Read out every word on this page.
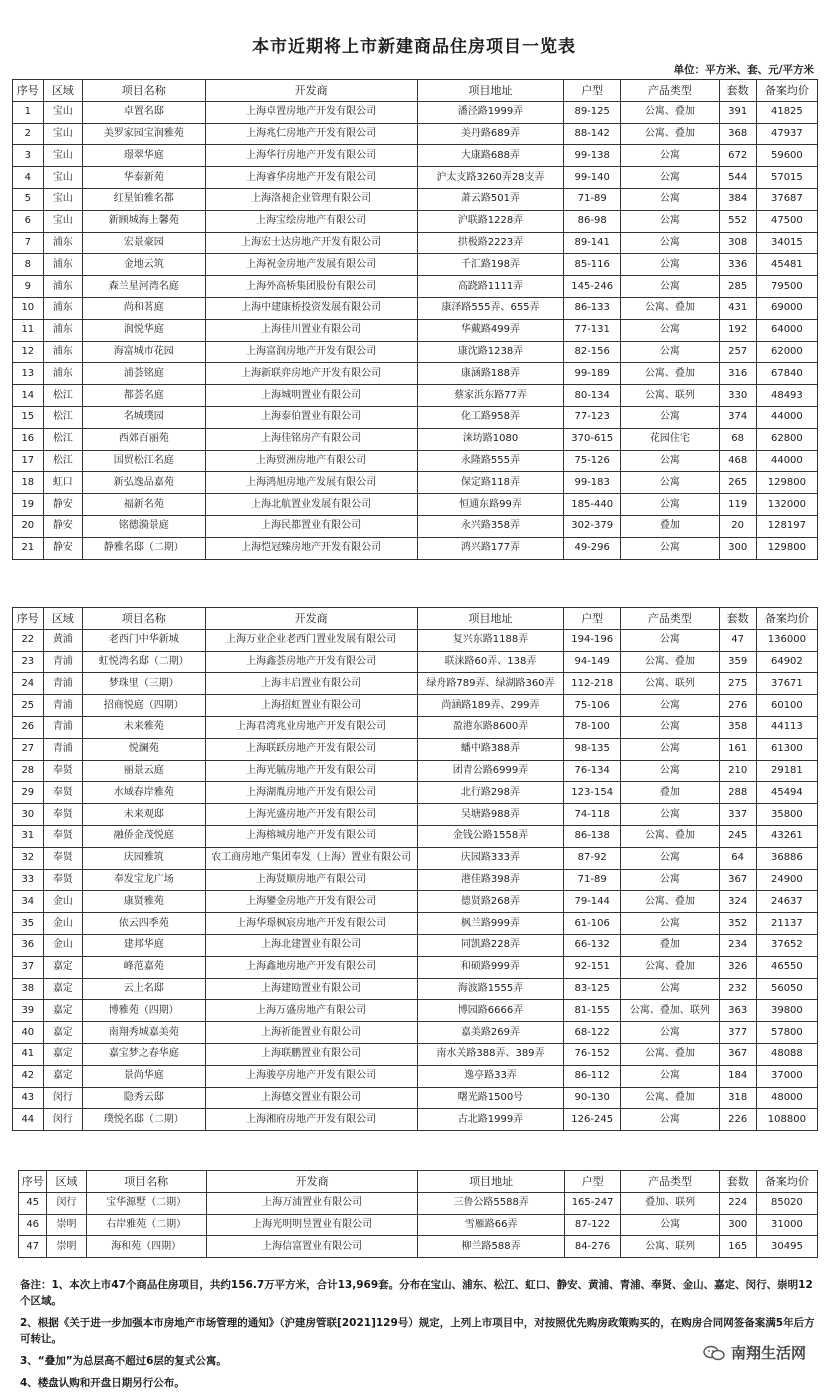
本市近期将上市新建商品住房项目一览表
单位：平方米、套、元/平方米
序号	区域	项目名称	开发商	项目地址	户型	产品类型	套数	备案均价
1	宝山	卓置名邸	上海卓置房地产开发有限公司	潘泾路1999弄	89-125	公寓、叠加	391	41825
2	宝山	美罗家园宝润雅苑	上海兆仁房地产开发有限公司	美丹路689弄	88-142	公寓、叠加	368	47937
3	宝山	璟翠华庭	上海华行房地产开发有限公司	大康路688弄	99-138	公寓	672	59600
4	宝山	华泰新苑	上海睿华房地产开发有限公司	沪太支路3260弄28支弄	99-140	公寓	544	57015
5	宝山	红星铂雅名都	上海洛昶企业管理有限公司	萧云路501弄	71-89	公寓	384	37687
6	宝山	新顾城海上馨苑	上海宝绘房地产有限公司	沪联路1228弄	86-98	公寓	552	47500
7	浦东	宏景豪园	上海宏士达房地产开发有限公司	拱极路2223弄	89-141	公寓	308	34015
8	浦东	金地云筑	上海祝金房地产发展有限公司	千汇路198弄	85-116	公寓	336	45481
9	浦东	森兰星河湾名庭	上海外高桥集团股份有限公司	高跷路1111弄	145-246	公寓	285	79500
10	浦东	尚和茗庭	上海中建康桥投资发展有限公司	康泽路555弄、655弄	86-133	公寓、叠加	431	69000
11	浦东	润悦华庭	上海佳川置业有限公司	华戴路499弄	77-131	公寓	192	64000
12	浦东	海富城市花园	上海富润房地产开发有限公司	康沈路1238弄	82-156	公寓	257	62000
13	浦东	浦荟铭庭	上海新联弈房地产开发有限公司	康涵路188弄	99-189	公寓、叠加	316	67840
14	松江	都荟名庭	上海城明置业有限公司	蔡家浜东路77弄	80-134	公寓、联列	330	48493
15	松江	名城璞园	上海泰伯置业有限公司	化工路958弄	77-123	公寓	374	44000
16	松江	西郊百丽苑	上海佳铭房产有限公司	涞坊路1080	370-615	花园住宅	68	62800
17	松江	国贸松江名庭	上海贸洲房地产有限公司	永隆路555弄	75-126	公寓	468	44000
18	虹口	新弘逸品嘉苑	上海鸿旭房地产发展有限公司	保定路118弄	99-183	公寓	265	129800
19	静安	福新名苑	上海北航置业发展有限公司	恒通东路99弄	185-440	公寓	119	132000
20	静安	铭德漪景庭	上海民都置业有限公司	永兴路358弄	302-379	叠加	20	128197
21	静安	静雅名邸（二期）	上海恺冠臻房地产开发有限公司	鸿兴路177弄	49-296	公寓	300	129800
序号	区域	项目名称	开发商	项目地址	户型	产品类型	套数	备案均价
22	黄浦	老西门中华新城	上海万业企业老西门置业发展有限公司	复兴东路1188弄	194-196	公寓	47	136000
23	青浦	虹悦湾名邸（二期）	上海鑫荟房地产开发有限公司	联涞路60弄、138弄	94-149	公寓、叠加	359	64902
24	青浦	梦珠里（三期）	上海丰启置业有限公司	绿舟路789弄、绿湖路360弄	112-218	公寓、联列	275	37671
25	青浦	招商悦庭（四期）	上海招虹置业有限公司	尚涵路189弄、299弄	75-106	公寓	276	60100
26	青浦	未来雅苑	上海君湾兆业房地产开发有限公司	盈港东路8600弄	78-100	公寓	358	44113
27	青浦	悦澜苑	上海联跃房地产开发有限公司	蟠中路388弄	98-135	公寓	161	61300
28	奉贤	丽景云庭	上海光毓房地产开发有限公司	团青公路6999弄	76-134	公寓	210	29181
29	奉贤	水域春岸雅苑	上海湖胤房地产开发有限公司	北行路298弄	123-154	叠加	288	45494
30	奉贤	未来观邸	上海光盛房地产开发有限公司	吴塘路988弄	74-118	公寓	337	35800
31	奉贤	融侨金茂悦庭	上海榕城房地产开发有限公司	金钱公路1558弄	86-138	公寓、叠加	245	43261
32	奉贤	庆园雅筑	农工商房地产集团奉发（上海）置业有限公司	庆园路333弄	87-92	公寓	64	36886
33	奉贤	奉发宝龙广场	上海贤顺房地产有限公司	港佳路398弄	71-89	公寓	367	24900
34	金山	康贤雅苑	上海鑾金房地产开发有限公司	德贤路268弄	79-144	公寓、叠加	324	24637
35	金山	依云四季苑	上海华璟枫宸房地产开发有限公司	枫兰路999弄	61-106	公寓	352	21137
36	金山	建邦华庭	上海北建置业有限公司	同凯路228弄	66-132	叠加	234	37652
37	嘉定	峰范嘉苑	上海鑫地房地产开发有限公司	和硕路999弄	92-151	公寓、叠加	326	46550
38	嘉定	云上名邸	上海建劻置业有限公司	海波路1555弄	83-125	公寓	232	56050
39	嘉定	博雅苑（四期）	上海万盛房地产有限公司	博园路6666弄	81-155	公寓、叠加、联列	363	39800
40	嘉定	南翔秀城嘉美苑	上海祈能置业有限公司	嘉美路269弄	68-122	公寓	377	57800
41	嘉定	嘉宝梦之春华庭	上海联鹏置业有限公司	南水关路388弄、389弄	76-152	公寓、叠加	367	48088
42	嘉定	景尚华庭	上海骏亭房地产开发有限公司	逸亭路33弄	86-112	公寓	184	37000
43	闵行	隐秀云邸	上海德交置业有限公司	曙光路1500号	90-130	公寓、叠加	318	48000
44	闵行	璞悦名邸（二期）	上海湘府房地产开发有限公司	古北路1999弄	126-245	公寓	226	108800
序号	区域	项目名称	开发商	项目地址	户型	产品类型	套数	备案均价
45	闵行	宝华源墅（二期）	上海万浦置业有限公司	三鲁公路5588弄	165-247	叠加、联列	224	85020
46	崇明	右岸雅苑（二期）	上海光明明昱置业有限公司	雪雁路66弄	87-122	公寓	300	31000
47	崇明	海和苑（四期）	上海信富置业有限公司	柳兰路588弄	84-276	公寓、联列	165	30495

备注：1、本次上市47个商品住房项目，共约156.7万平方米，合计13,969套。分布在宝山、浦东、松江、虹口、静安、黄浦、青浦、奉贤、金山、嘉定、闵行、崇明12个区域。

2、根据《关于进一步加强本市房地产市场管理的通知》（沪建房管联[2021]129号）规定，上列上市项目中，对按照优先购房政策购买的，在购房合同网签备案满5年后方可转让。

3、“叠加”为总层高不超过6层的复式公寓。

4、楼盘认购和开盘日期另行公布。

南翔生活网
